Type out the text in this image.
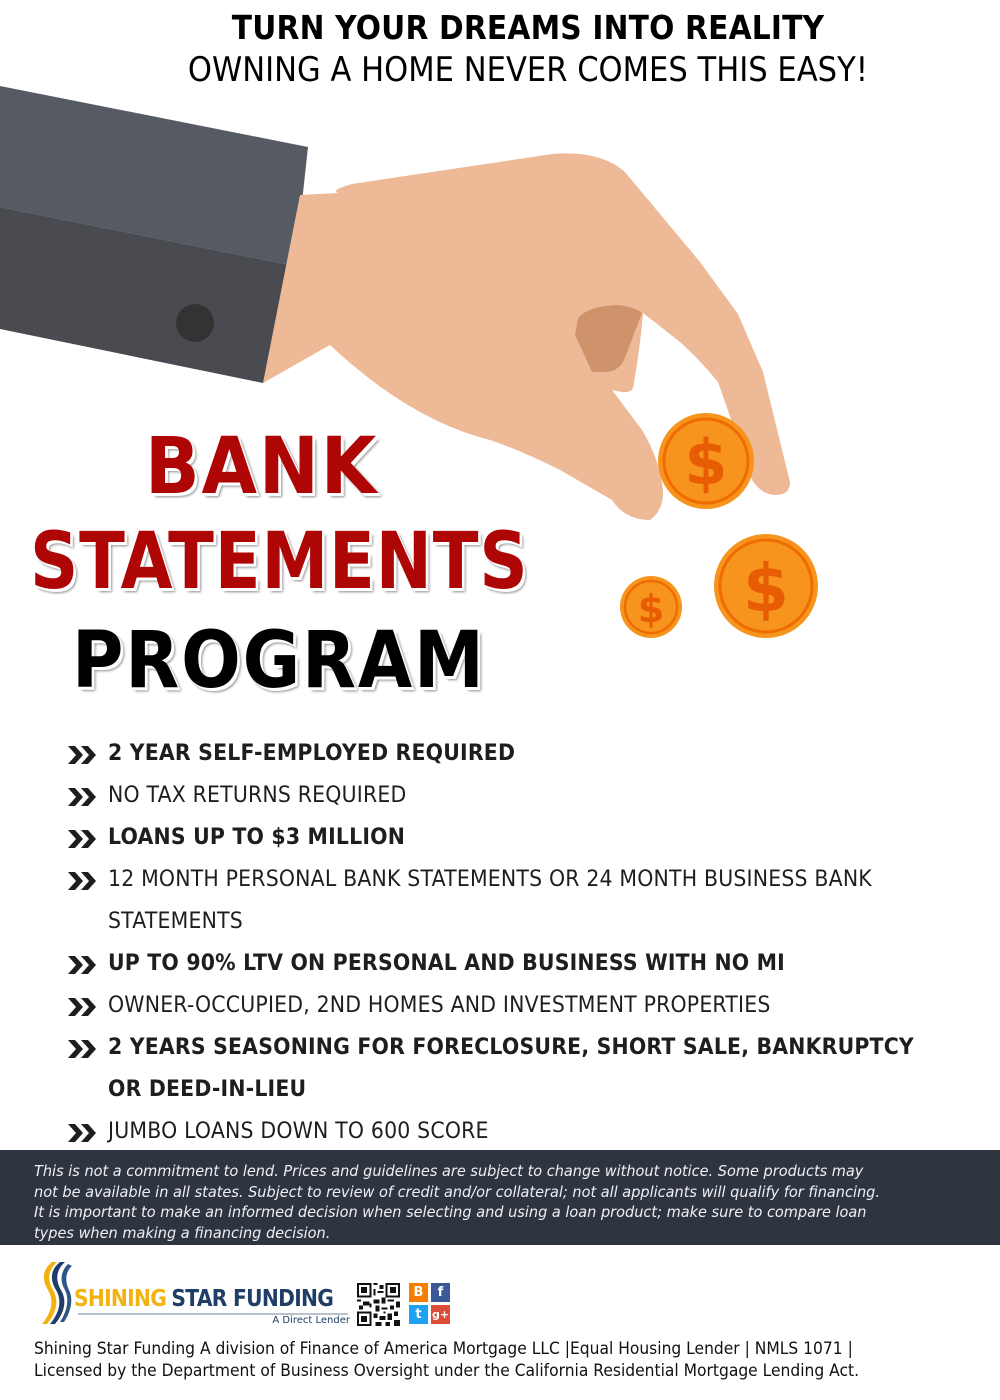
$
$
$
TURN YOUR DREAMS INTO REALITY
OWNING A HOME NEVER COMES THIS EASY!
BANK
STATEMENTS
PROGRAM
2 YEAR SELF-EMPLOYED REQUIRED
NO TAX RETURNS REQUIRED
LOANS UP TO $3 MILLION
12 MONTH PERSONAL BANK STATEMENTS OR 24 MONTH BUSINESS BANK STATEMENTS
UP TO 90% LTV ON PERSONAL AND BUSINESS WITH NO MI
OWNER-OCCUPIED, 2ND HOMES AND INVESTMENT PROPERTIES
2 YEARS SEASONING FOR FORECLOSURE, SHORT SALE, BANKRUPTCY OR DEED-IN-LIEU
JUMBO LOANS DOWN TO 600 SCORE

This is not a commitment to lend. Prices and guidelines are subject to change without notice. Some products may
not be available in all states. Subject to review of credit and/or collateral; not all applicants will qualify for financing.
It is important to make an informed decision when selecting and using a loan product; make sure to compare loan
types when making a financing decision.

SHINING STAR FUNDING
A Direct Lender
B	f
t g+
Shining Star Funding A division of Finance of America Mortgage LLC |Equal Housing Lender | NMLS 1071 |
Licensed by the Department of Business Oversight under the California Residential Mortgage Lending Act.
